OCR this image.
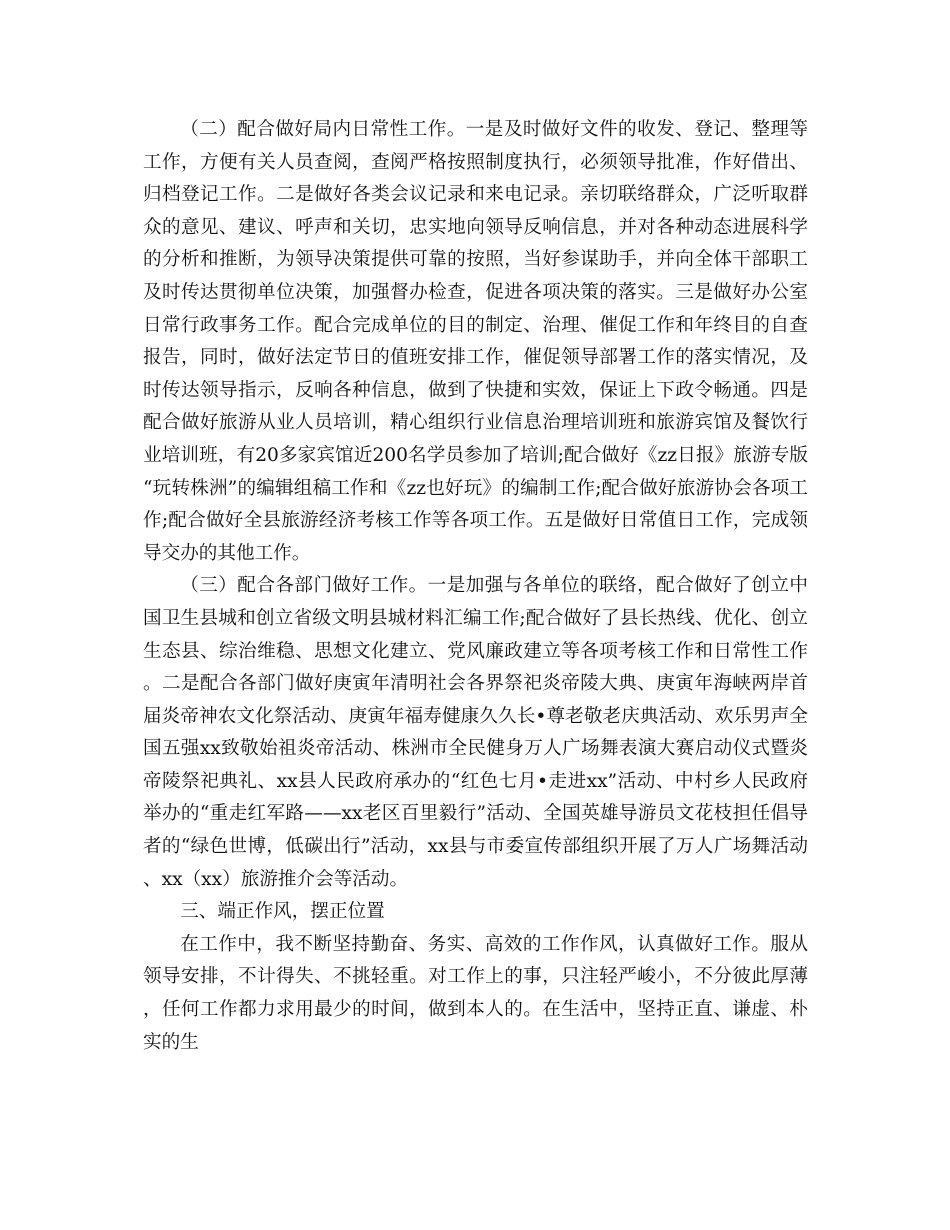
（二）配合做好局内日常性工作。一是及时做好文件的收发、登记、整理等工作，方便有关人员查阅，查阅严格按照制度执行，必须领导批准，作好借出、归档登记工作。二是做好各类会议记录和来电记录。亲切联络群众，广泛听取群众的意见、建议、呼声和关切，忠实地向领导反响信息，并对各种动态进展科学的分析和推断，为领导决策提供可靠的按照，当好参谋助手，并向全体干部职工及时传达贯彻单位决策，加强督办检查，促进各项决策的落实。三是做好办公室日常行政事务工作。配合完成单位的目的制定、治理、催促工作和年终目的自查报告，同时，做好法定节日的值班安排工作，催促领导部署工作的落实情况，及时传达领导指示，反响各种信息，做到了快捷和实效，保证上下政令畅通。四是配合做好旅游从业人员培训，精心组织行业信息治理培训班和旅游宾馆及餐饮行业培训班，有20多家宾馆近200名学员参加了培训;配合做好《zz日报》旅游专版“玩转株洲”的编辑组稿工作和《zz也好玩》的编制工作;配合做好旅游协会各项工作;配合做好全县旅游经济考核工作等各项工作。五是做好日常值日工作，完成领导交办的其他工作。

（三）配合各部门做好工作。一是加强与各单位的联络，配合做好了创立中国卫生县城和创立省级文明县城材料汇编工作;配合做好了县长热线、优化、创立生态县、综治维稳、思想文化建立、党风廉政建立等各项考核工作和日常性工作。二是配合各部门做好庚寅年清明社会各界祭祀炎帝陵大典、庚寅年海峡两岸首届炎帝神农文化祭活动、庚寅年福寿健康久久长•尊老敬老庆典活动、欢乐男声全国五强xx致敬始祖炎帝活动、株洲市全民健身万人广场舞表演大赛启动仪式暨炎帝陵祭祀典礼、xx县人民政府承办的“红色七月•走进xx”活动、中村乡人民政府举办的“重走红军路——xx老区百里毅行”活动、全国英雄导游员文花枝担任倡导者的“绿色世博，低碳出行”活动，xx县与市委宣传部组织开展了万人广场舞活动、xx（xx）旅游推介会等活动。

三、端正作风，摆正位置

在工作中，我不断坚持勤奋、务实、高效的工作作风，认真做好工作。服从领导安排，不计得失、不挑轻重。对工作上的事，只注轻严峻小，不分彼此厚薄，任何工作都力求用最少的时间，做到本人的。在生活中，坚持正直、谦虚、朴实的生
